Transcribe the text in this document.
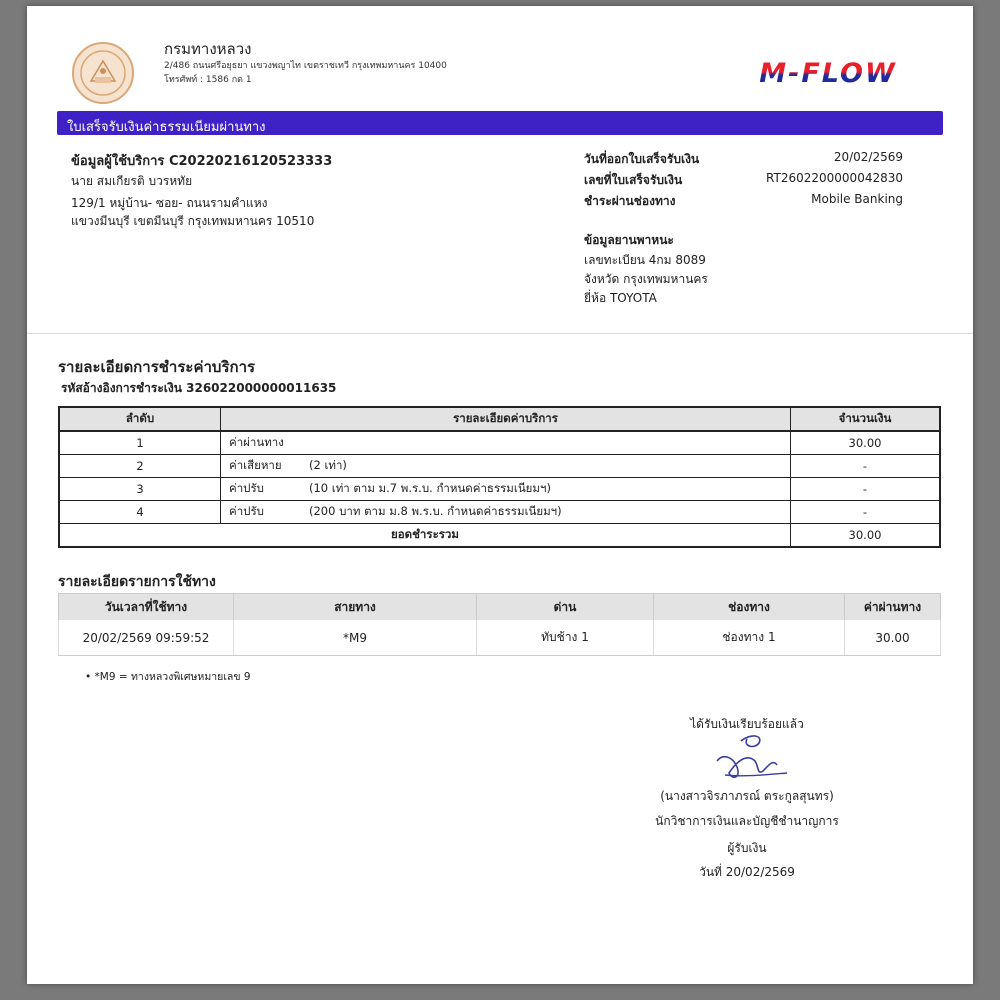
กรมทางหลวง
2/486 ถนนศรีอยุธยา แขวงพญาไท เขตราชเทวี กรุงเทพมหานคร 10400
โทรศัพท์ : 1586 กด 1	M-FLOW
ใบเสร็จรับเงินค่าธรรมเนียมผ่านทาง
ข้อมูลผู้ใช้บริการ C20220216120523333
นาย สมเกียรติ บวรหทัย
129/1 หมู่บ้าน- ซอย- ถนนรามคำแหง
แขวงมีนบุรี เขตมีนบุรี กรุงเทพมหานคร 10510
วันที่ออกใบเสร็จรับเงิน	20/02/2569
เลขที่ใบเสร็จรับเงิน	RT2602200000042830
ชำระผ่านช่องทาง	Mobile Banking
ข้อมูลยานพาหนะ
เลขทะเบียน 4กม 8089
จังหวัด กรุงเทพมหานคร
ยี่ห้อ TOYOTA
รายละเอียดการชำระค่าบริการ
รหัสอ้างอิงการชำระเงิน 326022000000011635
ลำดับ	รายละเอียดค่าบริการ	จำนวนเงิน
1	ค่าผ่านทาง	30.00
2	ค่าเสียหาย (2 เท่า)	-
3	ค่าปรับ (10 เท่า ตาม ม.7 พ.ร.บ. กำหนดค่าธรรมเนียมฯ)	-
4	ค่าปรับ (200 บาท ตาม ม.8 พ.ร.บ. กำหนดค่าธรรมเนียมฯ)	-
ยอดชำระรวม		30.00
รายละเอียดรายการใช้ทาง
วันเวลาที่ใช้ทาง	สายทาง	ด่าน	ช่องทาง	ค่าผ่านทาง
20/02/2569 09:59:52	*M9	ทับช้าง 1	ช่องทาง 1	30.00
• *M9 = ทางหลวงพิเศษหมายเลข 9
ได้รับเงินเรียบร้อยแล้ว
(นางสาวจิรภาภรณ์ ตระกูลสุนทร)
นักวิชาการเงินและบัญชีชำนาญการ
ผู้รับเงิน
วันที่ 20/02/2569
